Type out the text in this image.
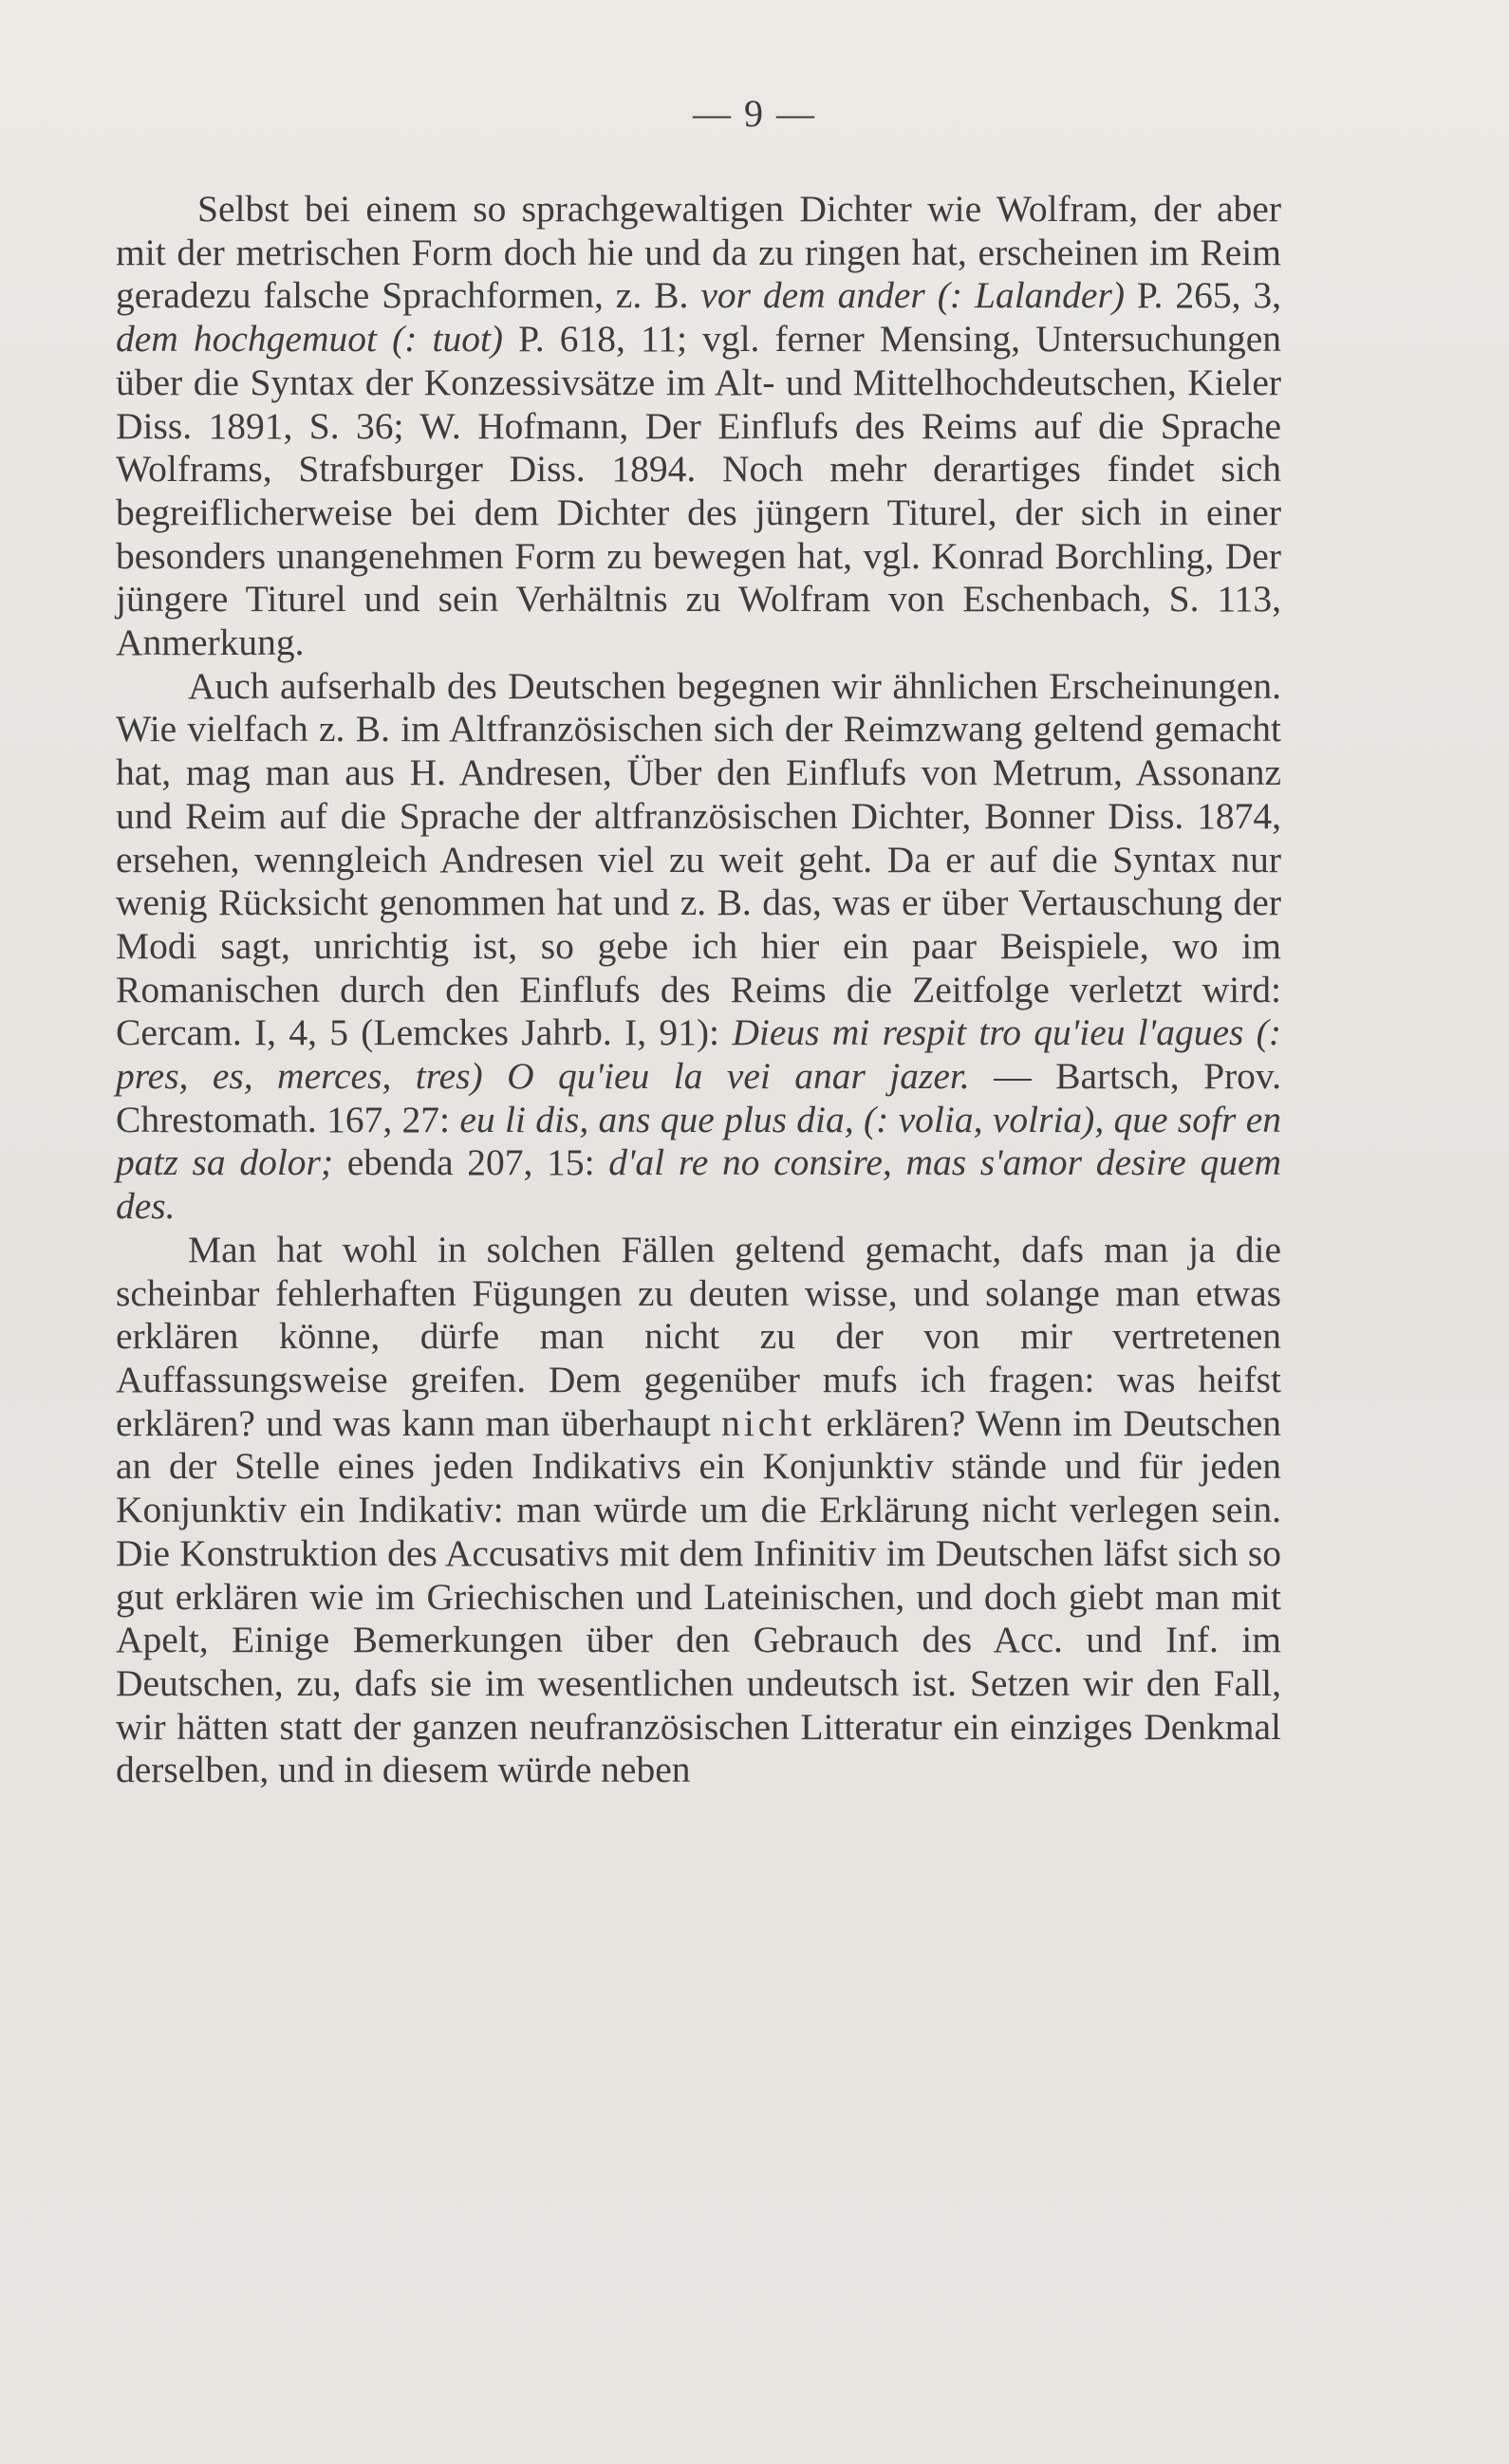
— 9 —

Selbst bei einem so sprachgewaltigen Dichter wie Wolfram, der aber mit der metrischen Form doch hie und da zu ringen hat, erscheinen im Reim geradezu falsche Sprachformen, z. B. vor dem ander (: Lalander) P. 265, 3, dem hochgemuot (: tuot) P. 618, 11; vgl. ferner Mensing, Untersuchungen über die Syntax der Konzessivsätze im Alt- und Mittelhochdeutschen, Kieler Diss. 1891, S. 36; W. Hofmann, Der Einflufs des Reims auf die Sprache Wolframs, Strafsburger Diss. 1894. Noch mehr derartiges findet sich begreiflicherweise bei dem Dichter des jüngern Titurel, der sich in einer besonders unangenehmen Form zu bewegen hat, vgl. Konrad Borchling, Der jüngere Titurel und sein Verhältnis zu Wolfram von Eschenbach, S. 113, Anmerkung.

Auch aufserhalb des Deutschen begegnen wir ähnlichen Erscheinungen. Wie vielfach z. B. im Altfranzösischen sich der Reimzwang geltend gemacht hat, mag man aus H. Andresen, Über den Einflufs von Metrum, Assonanz und Reim auf die Sprache der altfranzösischen Dichter, Bonner Diss. 1874, ersehen, wenngleich Andresen viel zu weit geht. Da er auf die Syntax nur wenig Rücksicht genommen hat und z. B. das, was er über Vertauschung der Modi sagt, unrichtig ist, so gebe ich hier ein paar Beispiele, wo im Romanischen durch den Einflufs des Reims die Zeitfolge verletzt wird: Cercam. I, 4, 5 (Lemckes Jahrb. I, 91): Dieus mi respit tro qu'ieu l'agues (: pres, es, merces, tres) O qu'ieu la vei anar jazer. — Bartsch, Prov. Chrestomath. 167, 27: eu li dis, ans que plus dia, (: volia, volria), que sofr en patz sa dolor; ebenda 207, 15: d'al re no consire, mas s'amor desire quem des.

Man hat wohl in solchen Fällen geltend gemacht, dafs man ja die scheinbar fehlerhaften Fügungen zu deuten wisse, und solange man etwas erklären könne, dürfe man nicht zu der von mir vertretenen Auffassungsweise greifen. Dem gegenüber mufs ich fragen: was heifst erklären? und was kann man überhaupt nicht erklären? Wenn im Deutschen an der Stelle eines jeden Indikativs ein Konjunktiv stände und für jeden Konjunktiv ein Indikativ: man würde um die Erklärung nicht verlegen sein. Die Konstruktion des Accusativs mit dem Infinitiv im Deutschen läfst sich so gut erklären wie im Griechischen und Lateinischen, und doch giebt man mit Apelt, Einige Bemerkungen über den Gebrauch des Acc. und Inf. im Deutschen, zu, dafs sie im wesentlichen undeutsch ist. Setzen wir den Fall, wir hätten statt der ganzen neufranzösischen Litteratur ein einziges Denkmal derselben, und in diesem würde neben
